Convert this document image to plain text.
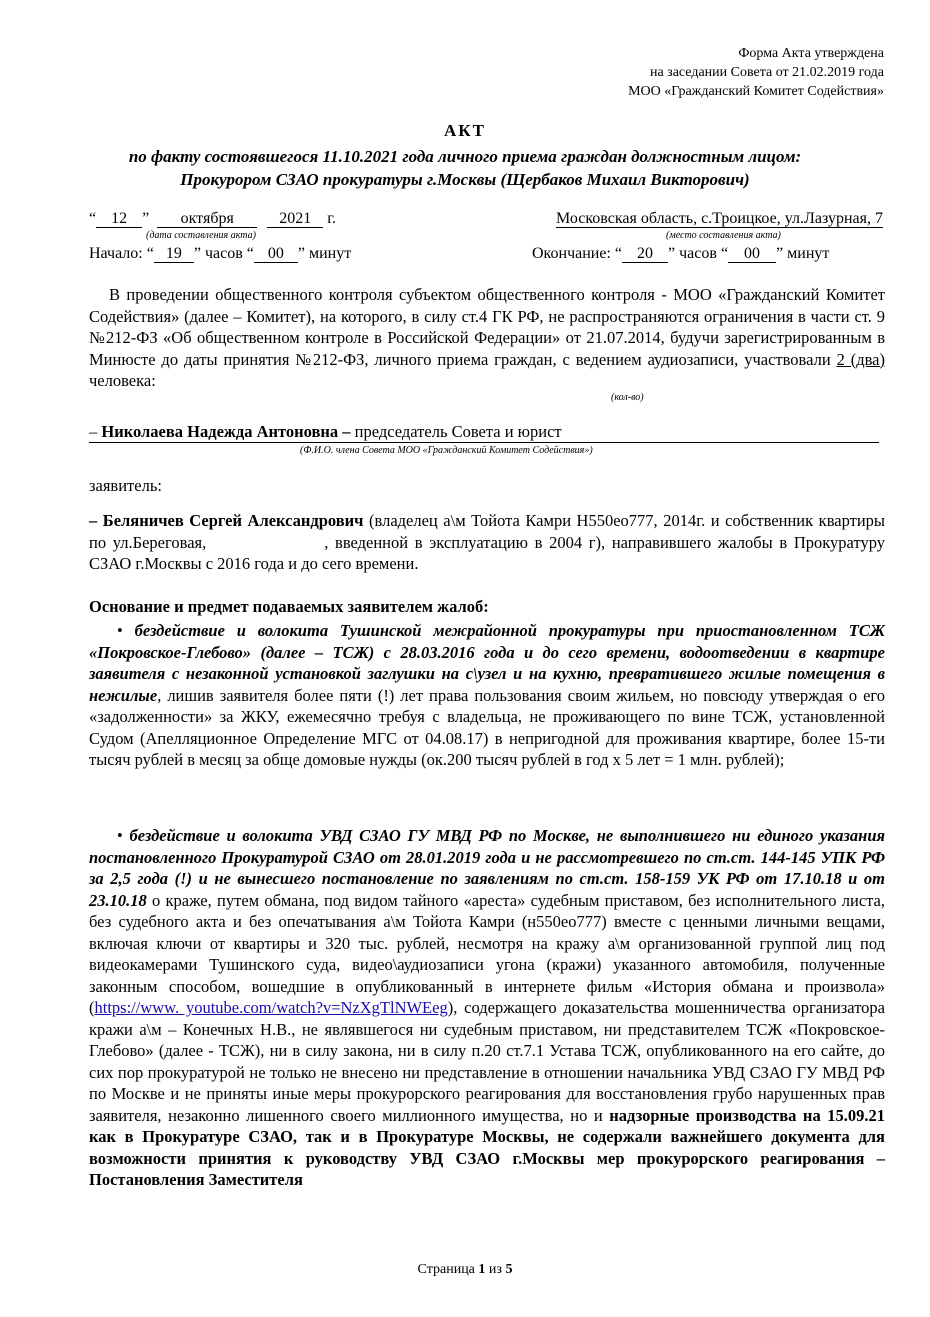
Форма Акта утверждена
на заседании Совета от 21.02.2019 года
МОО «Гражданский Комитет Содействия»
АКТ
по факту состоявшегося 11.10.2021 года личного приема граждан должностным лицом:
Прокурором СЗАО прокуратуры г.Москвы (Щербаков Михаил Викторович)
“ 12 ” октября	2021 г.
(дата составления акта)
Московская область, с.Троицкое, ул.Лазурная, 7
(место составления акта)
Начало: “ 19 ” часов “ 00 ” минут	Окончание: “ 20 ” часов “ 00 ” минут
В проведении общественного контроля субъектом общественного контроля - МОО «Гражданский Комитет Содействия» (далее – Комитет), на которого, в силу ст.4 ГК РФ, не распространяются ограничения в части ст. 9 №212-ФЗ «Об общественном контроле в Российской Федерации» от 21.07.2014, будучи зарегистрированным в Минюсте до даты принятия №212-ФЗ, личного приема граждан, с ведением аудиозаписи, участвовали 2 (два) человека:
(кол-во)
– Николаева Надежда Антоновна – председатель Совета и юрист
(Ф.И.О. члена Совета МОО «Гражданский Комитет Содействия»)
заявитель:
– Беляничев Сергей Александрович (владелец а\м Тойота Камри Н550ео777, 2014г. и собственник квартиры по ул.Береговая,	, введенной в эксплуатацию в 2004 г), направившего жалобы в Прокуратуру СЗАО г.Москвы с 2016 года и до сего времени.
Основание и предмет подаваемых заявителем жалоб:
• бездействие и волокита Тушинской межрайонной прокуратуры при приостановленном ТСЖ «Покровское-Глебово» (далее – ТСЖ) с 28.03.2016 года и до сего времени, водоотведении в квартире заявителя с незаконной установкой заглушки на с\узел и на кухню, превратившего жилые помещения в нежилые, лишив заявителя более пяти (!) лет права пользования своим жильем, но повсюду утверждая о его «задолженности» за ЖКУ, ежемесячно требуя с владельца, не проживающего по вине ТСЖ, установленной Судом (Апелляционное Определение МГС от 04.08.17) в непригодной для проживания квартире, более 15-ти тысяч рублей в месяц за обще домовые нужды (ок.200 тысяч рублей в год х 5 лет = 1 млн. рублей);
• бездействие и волокита УВД СЗАО ГУ МВД РФ по Москве, не выполнившего ни единого указания постановленного Прокуратурой СЗАО от 28.01.2019 года и не рассмотревшего по ст.ст. 144-145 УПК РФ за 2,5 года (!) и не вынесшего постановление по заявлениям по ст.ст. 158-159 УК РФ от 17.10.18 и от 23.10.18 о краже, путем обмана, под видом тайного «ареста» судебным приставом, без исполнительного листа, без судебного акта и без опечатывания а\м Тойота Камри (н550ео777) вместе с ценными личными вещами, включая ключи от квартиры и 320 тыс. рублей, несмотря на кражу а\м организованной группой лиц под видеокамерами Тушинского суда, видео\аудиозаписи угона (кражи) указанного автомобиля, полученные законным способом, вошедшие в опубликованный в интернете фильм «История обмана и произвола» (https://www. youtube.com/watch?v=NzXgTlNWEeg), содержащего доказательства мошенничества организатора кражи а\м – Конечных Н.В., не являвшегося ни судебным приставом, ни представителем ТСЖ «Покровское-Глебово» (далее - ТСЖ), ни в силу закона, ни в силу п.20 ст.7.1 Устава ТСЖ, опубликованного на его сайте, до сих пор прокуратурой не только не внесено ни представление в отношении начальника УВД СЗАО ГУ МВД РФ по Москве и не приняты иные меры прокурорского реагирования для восстановления грубо нарушенных прав заявителя, незаконно лишенного своего миллионного имущества, но и надзорные производства на 15.09.21 как в Прокуратуре СЗАО, так и в Прокуратуре Москвы, не содержали важнейшего документа для возможности принятия к руководству УВД СЗАО г.Москвы мер прокурорского реагирования – Постановления Заместителя
Страница 1 из 5
